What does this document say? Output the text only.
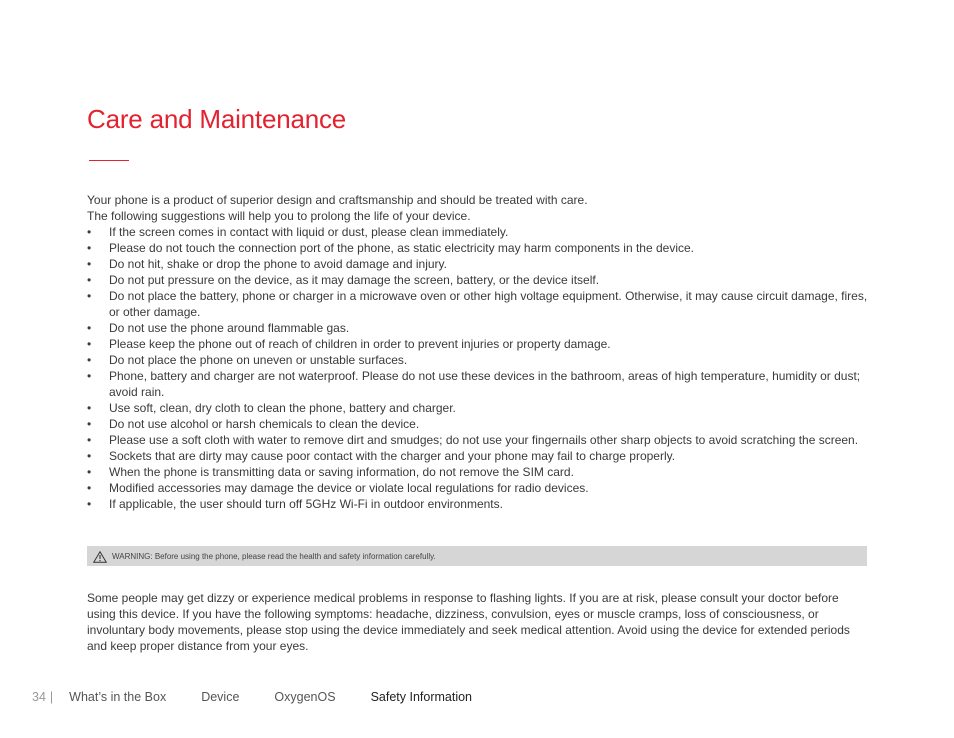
Care and Maintenance

Your phone is a product of superior design and craftsmanship and should be treated with care.

The following suggestions will help you to prolong the life of your device.

•	If the screen comes in contact with liquid or dust, please clean immediately.
•	Please do not touch the connection port of the phone, as static electricity may harm components in the device.
•	Do not hit, shake or drop the phone to avoid damage and injury.
•	Do not put pressure on the device, as it may damage the screen, battery, or the device itself.
•	Do not place the battery, phone or charger in a microwave oven or other high voltage equipment. Otherwise, it may cause circuit damage, fires, or other damage.
•	Do not use the phone around flammable gas.
•	Please keep the phone out of reach of children in order to prevent injuries or property damage.
•	Do not place the phone on uneven or unstable surfaces.
•	Phone, battery and charger are not waterproof. Please do not use these devices in the bathroom, areas of high temperature, humidity or dust; avoid rain.
•	Use soft, clean, dry cloth to clean the phone, battery and charger.
•	Do not use alcohol or harsh chemicals to clean the device.
•	Please use a soft cloth with water to remove dirt and smudges; do not use your fingernails other sharp objects to avoid scratching the screen.
•	Sockets that are dirty may cause poor contact with the charger and your phone may fail to charge properly.
•	When the phone is transmitting data or saving information, do not remove the SIM card.
•	Modified accessories may damage the device or violate local regulations for radio devices.
•	If applicable, the user should turn off 5GHz Wi-Fi in outdoor environments.
WARNING: Before using the phone, please read the health and safety information carefully.

Some people may get dizzy or experience medical problems in response to flashing lights. If you are at risk, please consult your doctor before using this device. If you have the following symptoms: headache, dizziness, convulsion, eyes or muscle cramps, loss of consciousness, or involuntary body movements, please stop using the device immediately and seek medical attention. Avoid using the device for extended periods and keep proper distance from your eyes.

34 | What’s in the Box	Device	OxygenOS	Safety Information
